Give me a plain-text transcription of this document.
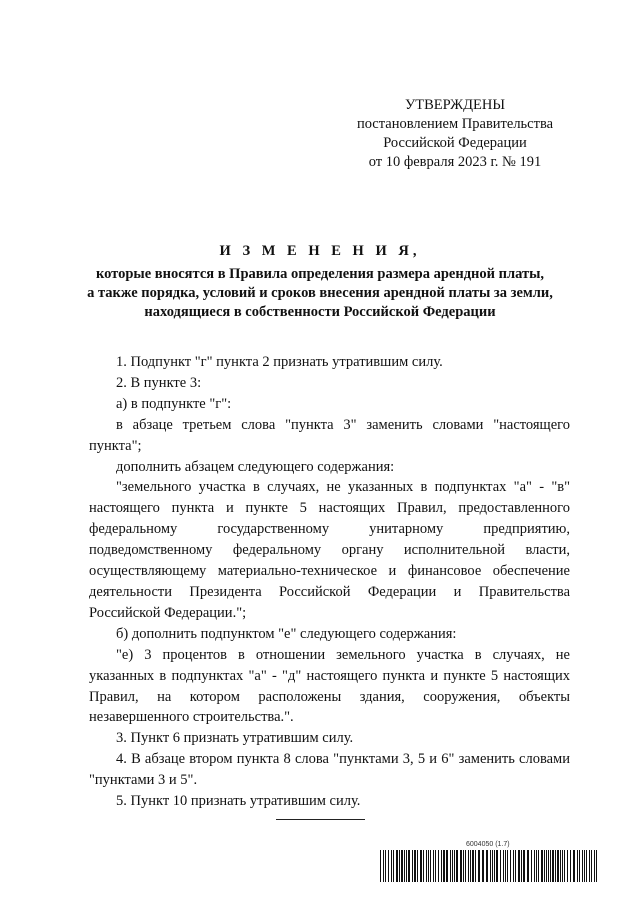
УТВЕРЖДЕНЫ
постановлением Правительства
Российской Федерации
от 10 февраля 2023 г. № 191
И З М Е Н Е Н И Я,
которые вносятся в Правила определения размера арендной платы,
а также порядка, условий и сроков внесения арендной платы за земли,
находящиеся в собственности Российской Федерации

1. Подпункт "г" пункта 2 признать утратившим силу.

2. В пункте 3:

а) в подпункте "г":

в абзаце третьем слова "пункта 3" заменить словами "настоящего пункта";

дополнить абзацем следующего содержания:

"земельного участка в случаях, не указанных в подпунктах "а" - "в" настоящего пункта и пункте 5 настоящих Правил, предоставленного федеральному государственному унитарному предприятию, подведомственному федеральному органу исполнительной власти, осуществляющему материально-техническое и финансовое обеспечение деятельности Президента Российской Федерации и Правительства Российской Федерации.";

б) дополнить подпунктом "е" следующего содержания:

"е) 3 процентов в отношении земельного участка в случаях, не указанных в подпунктах "а" - "д" настоящего пункта и пункте 5 настоящих Правил, на котором расположены здания, сооружения, объекты незавершенного строительства.".

3. Пункт 6 признать утратившим силу.

4. В абзаце втором пункта 8 слова "пунктами 3, 5 и 6" заменить словами "пунктами 3 и 5".

5. Пункт 10 признать утратившим силу.

6004050 (1.7)
